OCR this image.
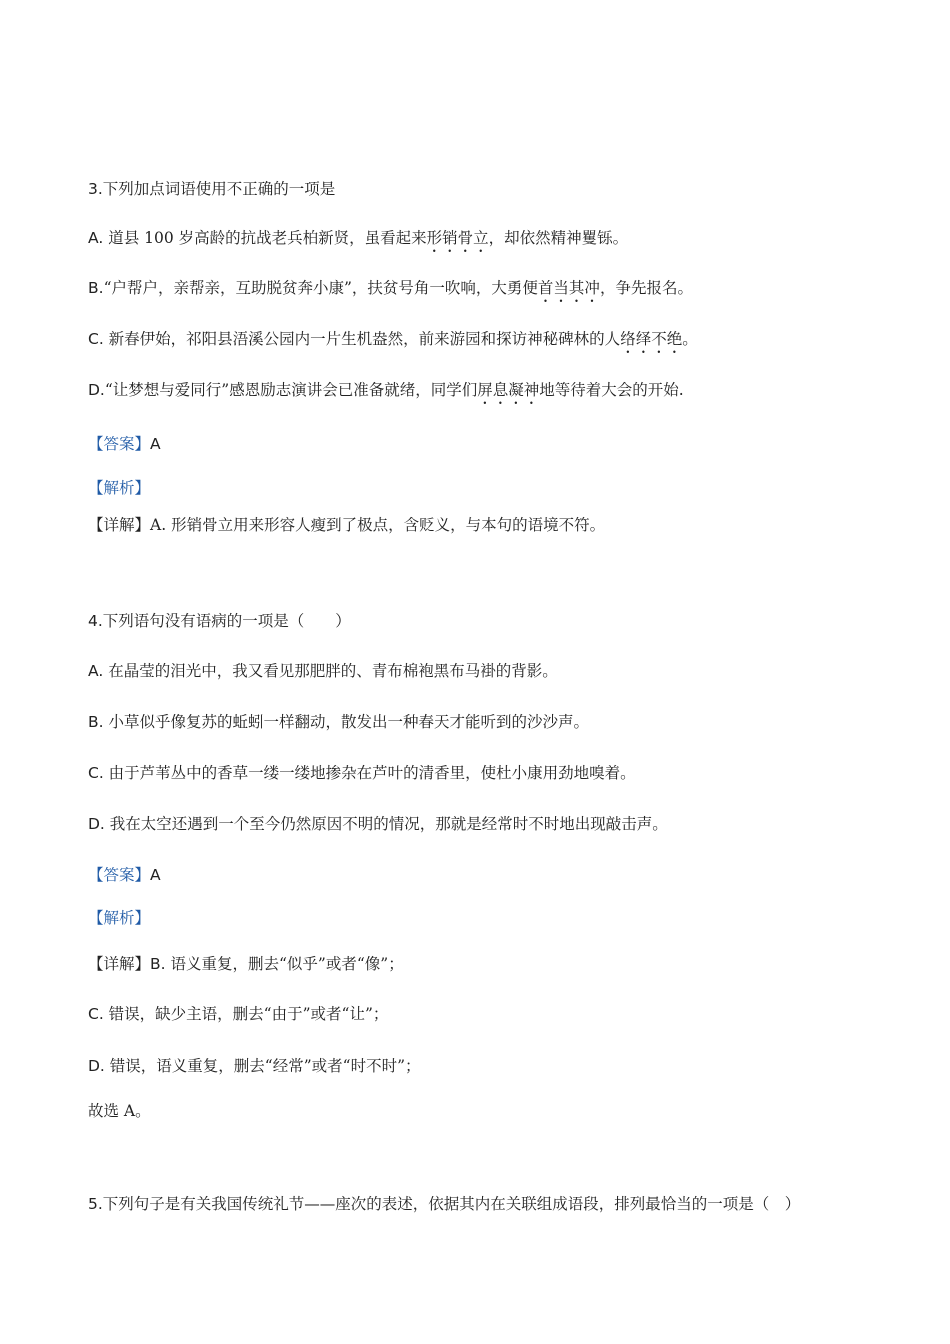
3.下列加点词语使用不正确的一项是
A. 道县 100 岁高龄的抗战老兵柏新贤，虽看起来形销骨立，却依然精神矍铄。
B.“户帮户，亲帮亲，互助脱贫奔小康”，扶贫号角一吹响，大勇便首当其冲，争先报名。
C. 新春伊始，祁阳县浯溪公园内一片生机盎然，前来游园和探访神秘碑林的人络绎不绝。
D.“让梦想与爱同行”感恩励志演讲会已准备就绪，同学们屏息凝神地等待着大会的开始.
【答案】A
【解析】
【详解】A. 形销骨立用来形容人瘦到了极点，含贬义，与本句的语境不符。
4.下列语句没有语病的一项是（　　）
A. 在晶莹的泪光中，我又看见那肥胖的、青布棉袍黑布马褂的背影。
B. 小草似乎像复苏的蚯蚓一样翻动，散发出一种春天才能听到的沙沙声。
C. 由于芦苇丛中的香草一缕一缕地掺杂在芦叶的清香里，使杜小康用劲地嗅着。
D. 我在太空还遇到一个至今仍然原因不明的情况，那就是经常时不时地出现敲击声。
【答案】A
【解析】
【详解】B. 语义重复，删去“似乎”或者“像”；
C. 错误，缺少主语，删去“由于”或者“让”；
D. 错误，语义重复，删去“经常”或者“时不时”；
故选 A。
5.下列句子是有关我国传统礼节——座次的表述，依据其内在关联组成语段，排列最恰当的一项是（　）
